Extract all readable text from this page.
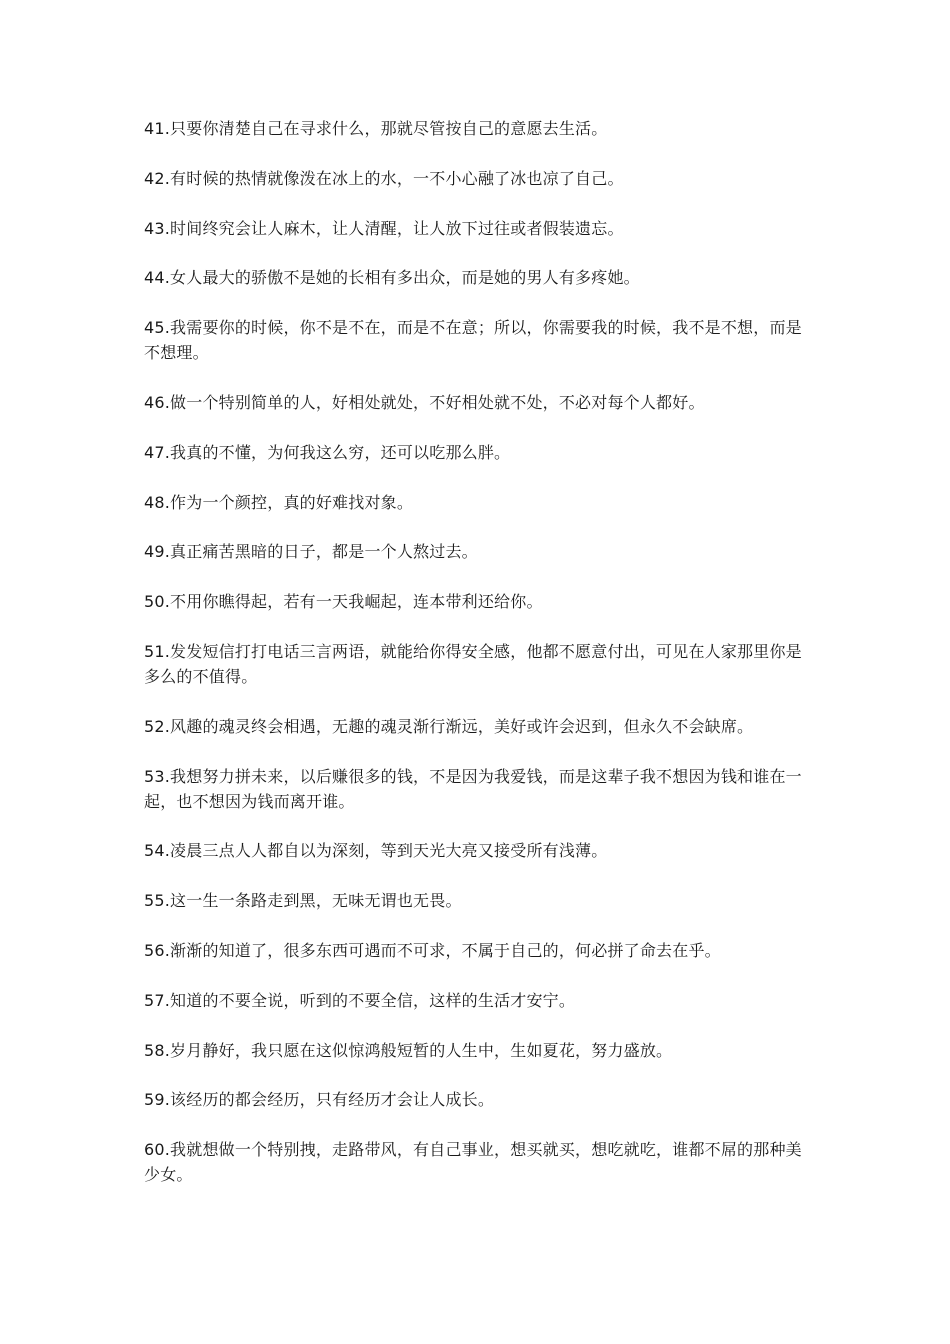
41.只要你清楚自己在寻求什么，那就尽管按自己的意愿去生活。
42.有时候的热情就像泼在冰上的水，一不小心融了冰也凉了自己。
43.时间终究会让人麻木，让人清醒，让人放下过往或者假装遗忘。
44.女人最大的骄傲不是她的长相有多出众，而是她的男人有多疼她。
45.我需要你的时候，你不是不在，而是不在意；所以，你需要我的时候，我不是不想，而是不想理。
46.做一个特别简单的人，好相处就处，不好相处就不处，不必对每个人都好。
47.我真的不懂，为何我这么穷，还可以吃那么胖。
48.作为一个颜控，真的好难找对象。
49.真正痛苦黑暗的日子，都是一个人熬过去。
50.不用你瞧得起，若有一天我崛起，连本带利还给你。
51.发发短信打打电话三言两语，就能给你得安全感，他都不愿意付出，可见在人家那里你是多么的不值得。
52.风趣的魂灵终会相遇，无趣的魂灵渐行渐远，美好或许会迟到，但永久不会缺席。
53.我想努力拼未来，以后赚很多的钱，不是因为我爱钱，而是这辈子我不想因为钱和谁在一起，也不想因为钱而离开谁。
54.凌晨三点人人都自以为深刻，等到天光大亮又接受所有浅薄。
55.这一生一条路走到黑，无味无谓也无畏。
56.渐渐的知道了，很多东西可遇而不可求，不属于自己的，何必拼了命去在乎。
57.知道的不要全说，听到的不要全信，这样的生活才安宁。
58.岁月静好，我只愿在这似惊鸿般短暂的人生中，生如夏花，努力盛放。
59.该经历的都会经历，只有经历才会让人成长。
60.我就想做一个特别拽，走路带风，有自己事业，想买就买，想吃就吃，谁都不屌的那种美少女。
